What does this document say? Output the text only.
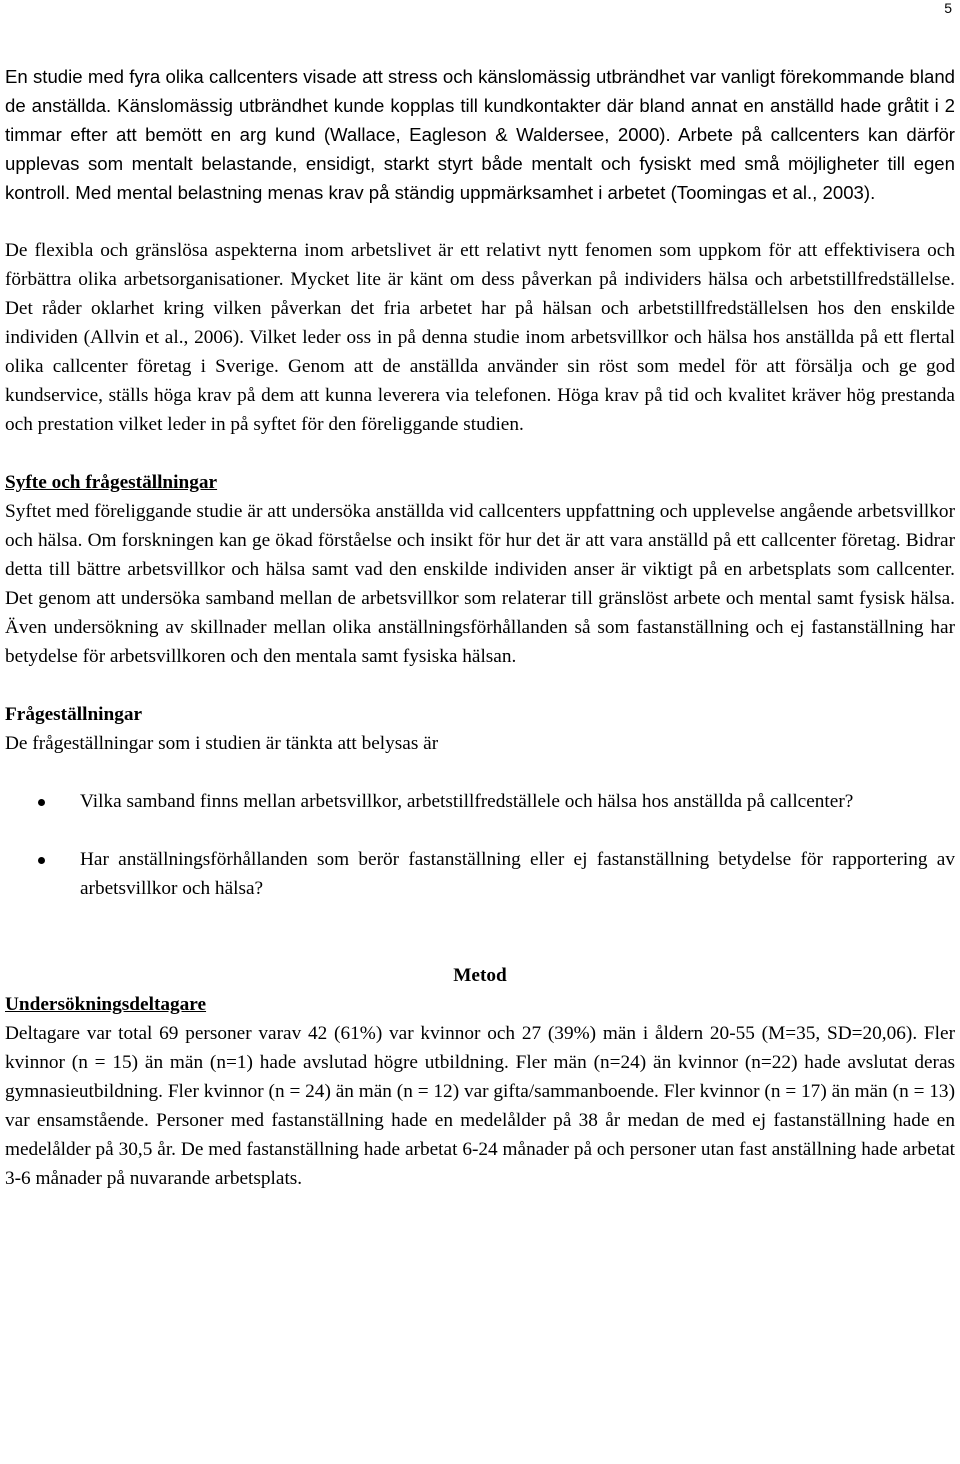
5

En studie med fyra olika callcenters visade att stress och känslomässig utbrändhet var vanligt förekommande bland de anställda. Känslomässig utbrändhet kunde kopplas till kundkontakter där bland annat en anställd hade gråtit i 2 timmar efter att bemött en arg kund (Wallace, Eagleson & Waldersee, 2000). Arbete på callcenters kan därför upplevas som mentalt belastande, ensidigt, starkt styrt både mentalt och fysiskt med små möjligheter till egen kontroll. Med mental belastning menas krav på ständig uppmärksamhet i arbetet (Toomingas et al., 2003).

De flexibla och gränslösa aspekterna inom arbetslivet är ett relativt nytt fenomen som uppkom för att effektivisera och förbättra olika arbetsorganisationer. Mycket lite är känt om dess påverkan på individers hälsa och arbetstillfredställelse. Det råder oklarhet kring vilken påverkan det fria arbetet har på hälsan och arbetstillfredställelsen hos den enskilde individen (Allvin et al., 2006). Vilket leder oss in på denna studie inom arbetsvillkor och hälsa hos anställda på ett flertal olika callcenter företag i Sverige. Genom att de anställda använder sin röst som medel för att försälja och ge god kundservice, ställs höga krav på dem att kunna leverera via telefonen. Höga krav på tid och kvalitet kräver hög prestanda och prestation vilket leder in på syftet för den föreliggande studien.

Syfte och frågeställningar

Syftet med föreliggande studie är att undersöka anställda vid callcenters uppfattning och upplevelse angående arbetsvillkor och hälsa. Om forskningen kan ge ökad förståelse och insikt för hur det är att vara anställd på ett callcenter företag. Bidrar detta till bättre arbetsvillkor och hälsa samt vad den enskilde individen anser är viktigt på en arbetsplats som callcenter. Det genom att undersöka samband mellan de arbetsvillkor som relaterar till gränslöst arbete och mental samt fysisk hälsa. Även undersökning av skillnader mellan olika anställningsförhållanden så som fastanställning och ej fastanställning har betydelse för arbetsvillkoren och den mentala samt fysiska hälsan.

Frågeställningar

De frågeställningar som i studien är tänkta att belysas är

Vilka samband finns mellan arbetsvillkor, arbetstillfredställele och hälsa hos anställda på callcenter?
Har anställningsförhållanden som berör fastanställning eller ej fastanställning betydelse för rapportering av arbetsvillkor och hälsa?
Metod
Undersökningsdeltagare

Deltagare var total 69 personer varav 42 (61%) var kvinnor och 27 (39%) män i åldern 20-55 (M=35, SD=20,06). Fler kvinnor (n = 15) än män (n=1) hade avslutad högre utbildning. Fler män (n=24) än kvinnor (n=22) hade avslutat deras gymnasieutbildning. Fler kvinnor (n = 24) än män (n = 12) var gifta/sammanboende. Fler kvinnor (n = 17) än män (n = 13) var ensamstående. Personer med fastanställning hade en medelålder på 38 år medan de med ej fastanställning hade en medelålder på 30,5 år. De med fastanställning hade arbetat 6-24 månader på och personer utan fast anställning hade arbetat 3-6 månader på nuvarande arbetsplats.
